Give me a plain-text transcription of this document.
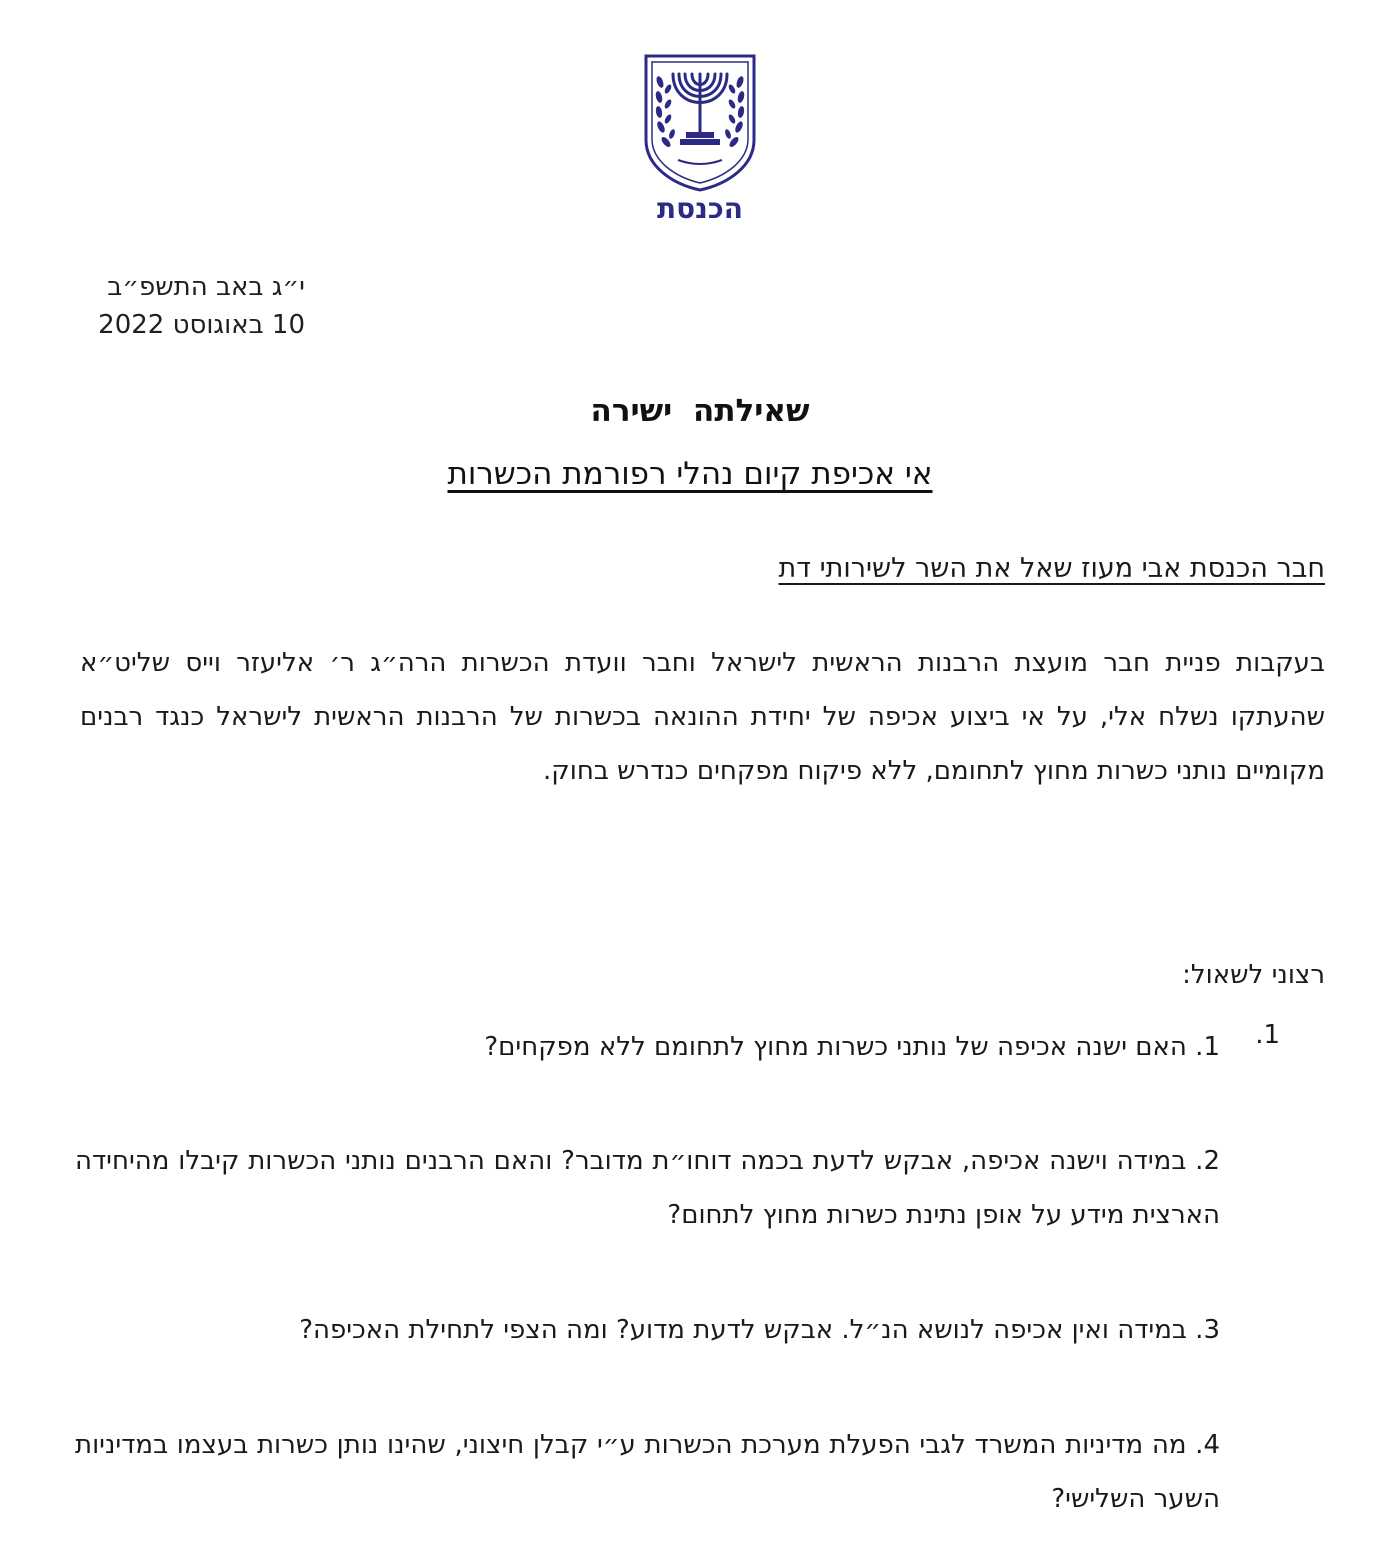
הכנסת
י״ג באב התשפ״ב
10 באוגוסט 2022
שאילתה ישירה
אי אכיפת קיום נהלי רפורמת הכשרות
חבר הכנסת אבי מעוז שאל את השר לשירותי דת
בעקבות פניית חבר מועצת הרבנות הראשית לישראל וחבר וועדת הכשרות הרה״ג ר׳ אליעזר וייס שליט״א שהעתקו נשלח אלי, על אי ביצוע אכיפה של יחידת ההונאה בכשרות של הרבנות הראשית לישראל כנגד רבנים מקומיים נותני כשרות מחוץ לתחומם, ללא פיקוח מפקחים כנדרש בחוק.
רצוני לשאול:
1.
1. האם ישנה אכיפה של נותני כשרות מחוץ לתחומם ללא מפקחים?
2. במידה וישנה אכיפה, אבקש לדעת בכמה דוחו״ת מדובר? והאם הרבנים נותני הכשרות קיבלו מהיחידה הארצית מידע על אופן נתינת כשרות מחוץ לתחום?
3. במידה ואין אכיפה לנושא הנ״ל. אבקש לדעת מדוע? ומה הצפי לתחילת האכיפה?
4. מה מדיניות המשרד לגבי הפעלת מערכת הכשרות ע״י קבלן חיצוני, שהינו נותן כשרות בעצמו במדיניות השער השלישי?
